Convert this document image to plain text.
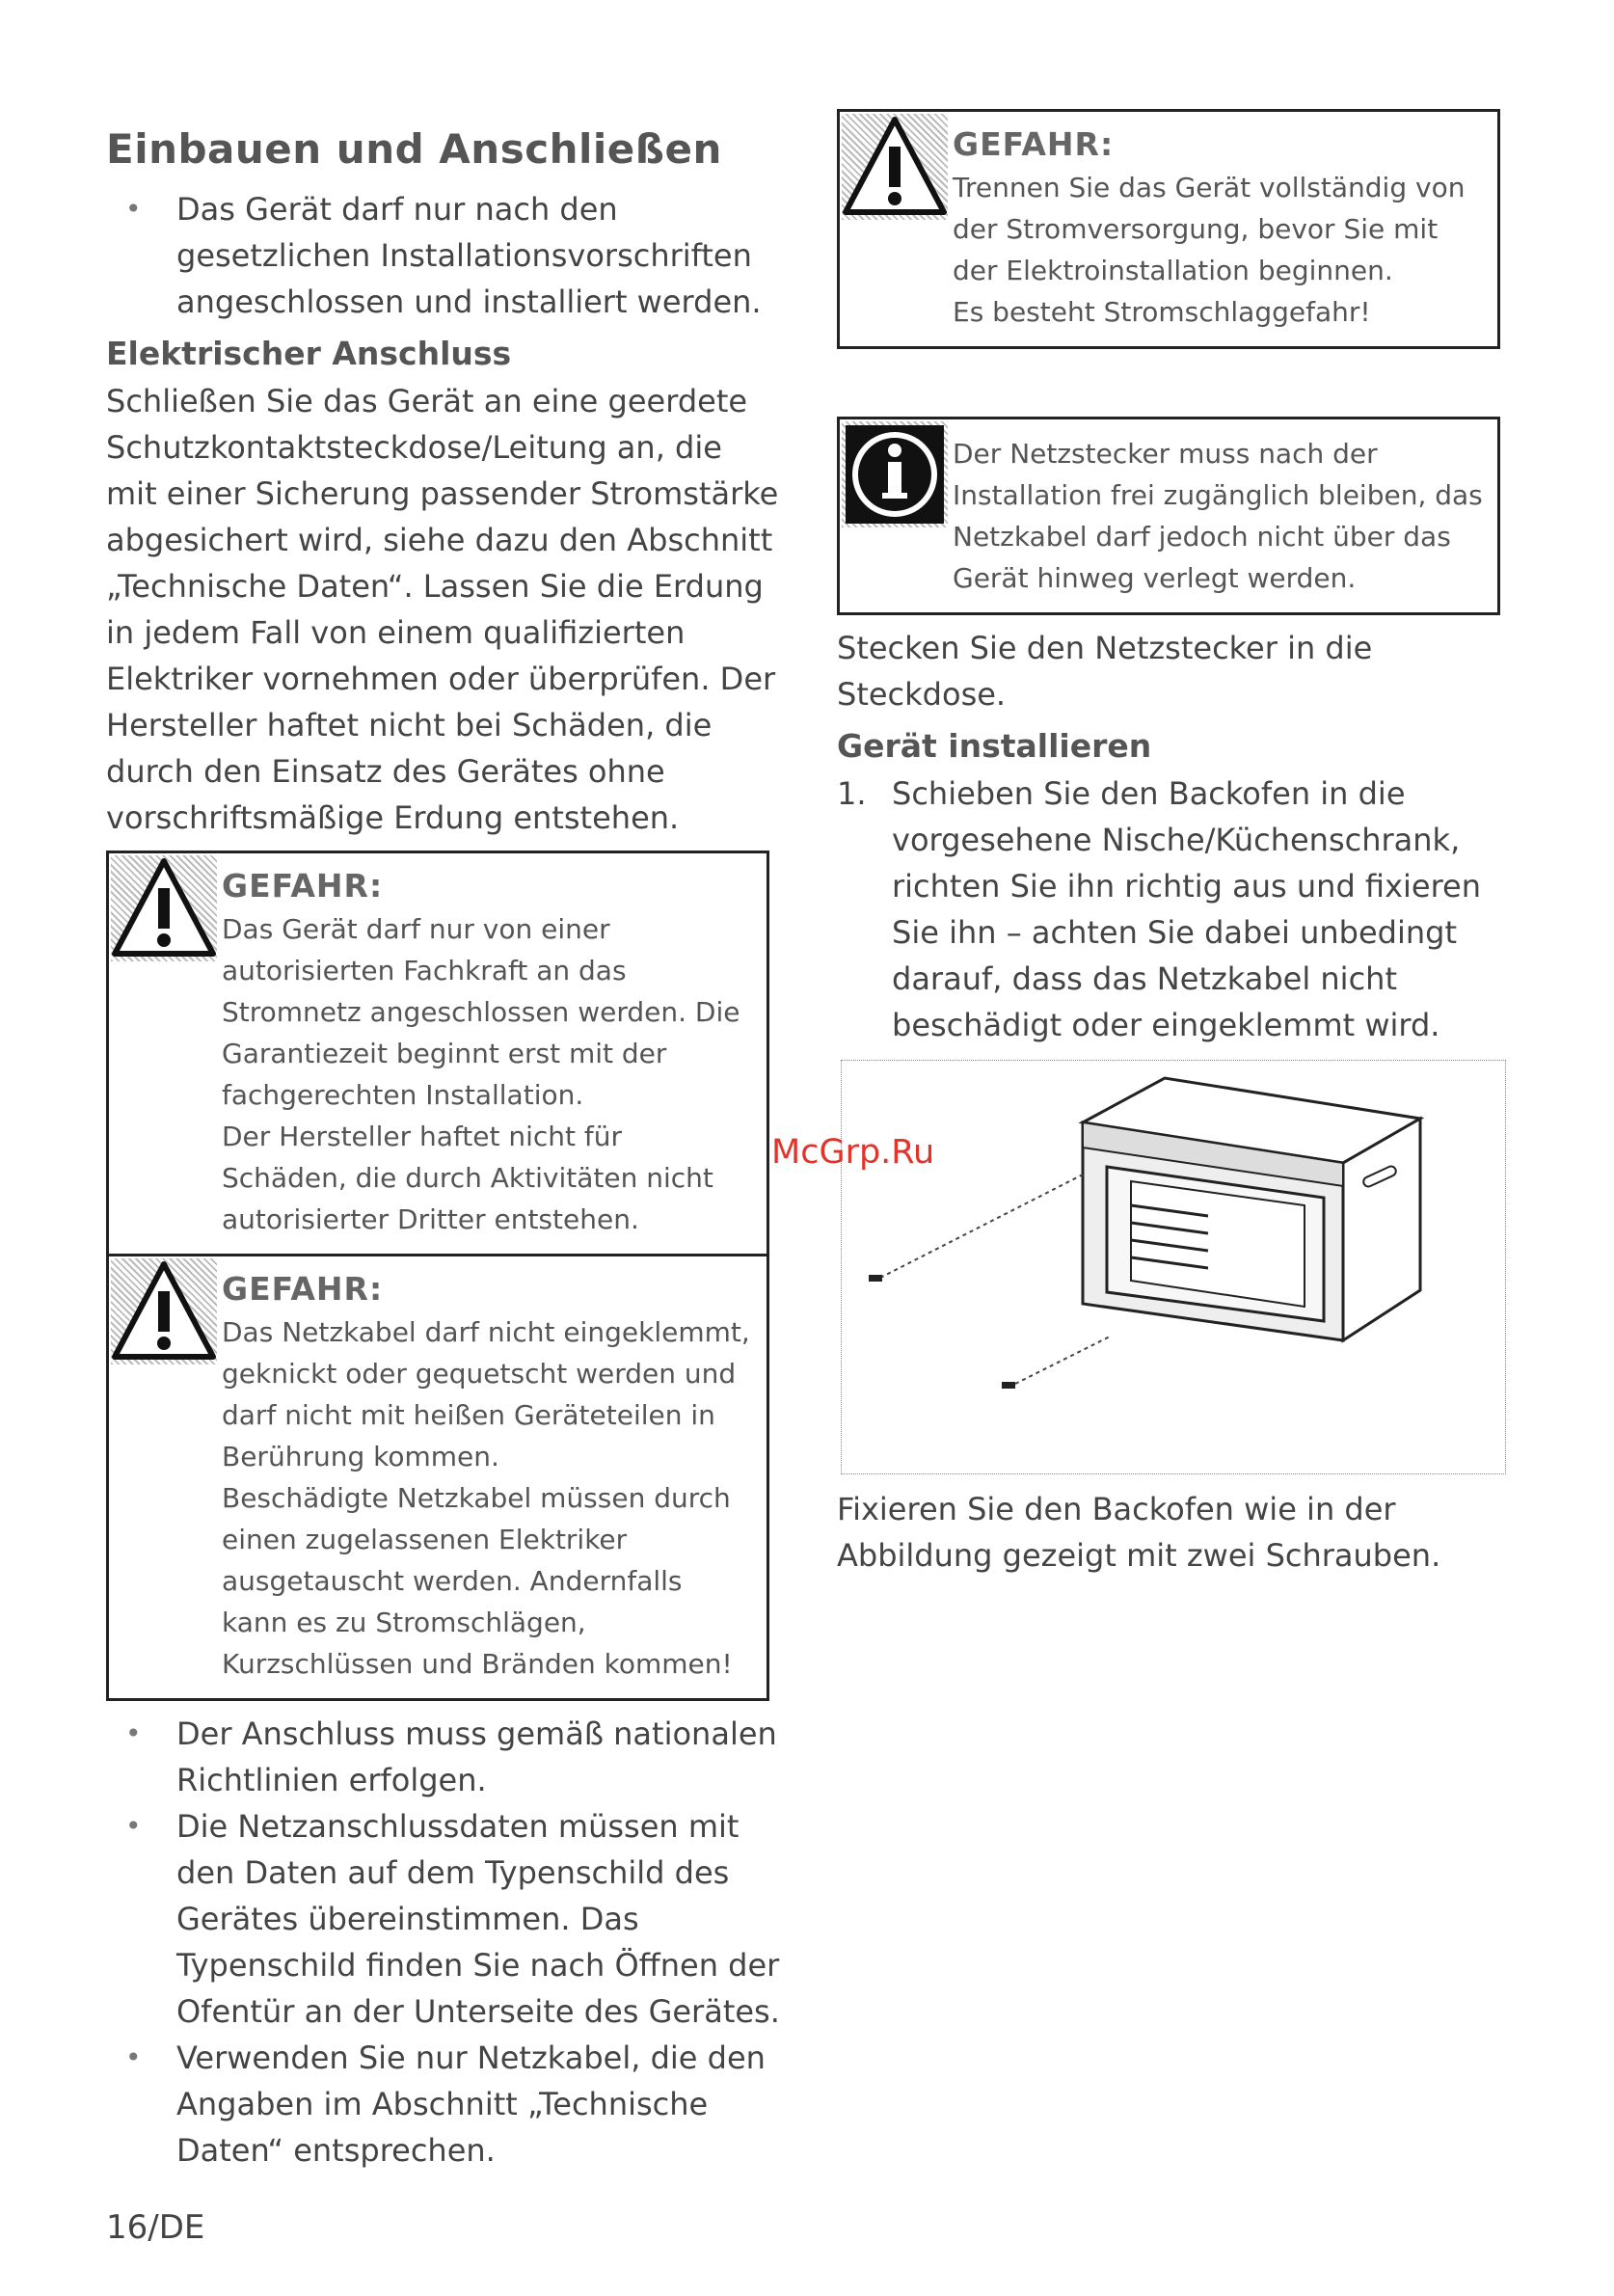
Einbauen und Anschließen
• Das Gerät darf nur nach den gesetzlichen Installationsvorschriften angeschlossen und installiert werden.
Elektrischer Anschluss
Schließen Sie das Gerät an eine geerdete Schutzkontaktsteckdose/Leitung an, die mit einer Sicherung passender Stromstärke abgesichert wird, siehe dazu den Abschnitt „Technische Daten“. Lassen Sie die Erdung in jedem Fall von einem qualifizierten Elektriker vornehmen oder überprüfen. Der Hersteller haftet nicht bei Schäden, die durch den Einsatz des Gerätes ohne vorschriftsmäßige Erdung entstehen.
GEFAHR:
Das Gerät darf nur von einer autorisierten Fachkraft an das Stromnetz angeschlossen werden. Die Garantiezeit beginnt erst mit der fachgerechten Installation.
Der Hersteller haftet nicht für Schäden, die durch Aktivitäten nicht autorisierter Dritter entstehen.
GEFAHR:
Das Netzkabel darf nicht eingeklemmt, geknickt oder gequetscht werden und darf nicht mit heißen Geräteteilen in Berührung kommen.
Beschädigte Netzkabel müssen durch einen zugelassenen Elektriker ausgetauscht werden. Andernfalls kann es zu Stromschlägen, Kurzschlüssen und Bränden kommen!
• Der Anschluss muss gemäß nationalen Richtlinien erfolgen.
• Die Netzanschlussdaten müssen mit den Daten auf dem Typenschild des Gerätes übereinstimmen. Das Typenschild finden Sie nach Öffnen der Ofentür an der Unterseite des Gerätes.
• Verwenden Sie nur Netzkabel, die den Angaben im Abschnitt „Technische Daten“ entsprechen.
GEFAHR:
Trennen Sie das Gerät vollständig von der Stromversorgung, bevor Sie mit der Elektroinstallation beginnen.
Es besteht Stromschlaggefahr!
Der Netzstecker muss nach der Installation frei zugänglich bleiben, das Netzkabel darf jedoch nicht über das Gerät hinweg verlegt werden.
Stecken Sie den Netzstecker in die Steckdose.
Gerät installieren
1. Schieben Sie den Backofen in die vorgesehene Nische/Küchenschrank, richten Sie ihn richtig aus und fixieren Sie ihn – achten Sie dabei unbedingt darauf, dass das Netzkabel nicht beschädigt oder eingeklemmt wird.
Fixieren Sie den Backofen wie in der Abbildung gezeigt mit zwei Schrauben.
McGrp.Ru
16/DE
